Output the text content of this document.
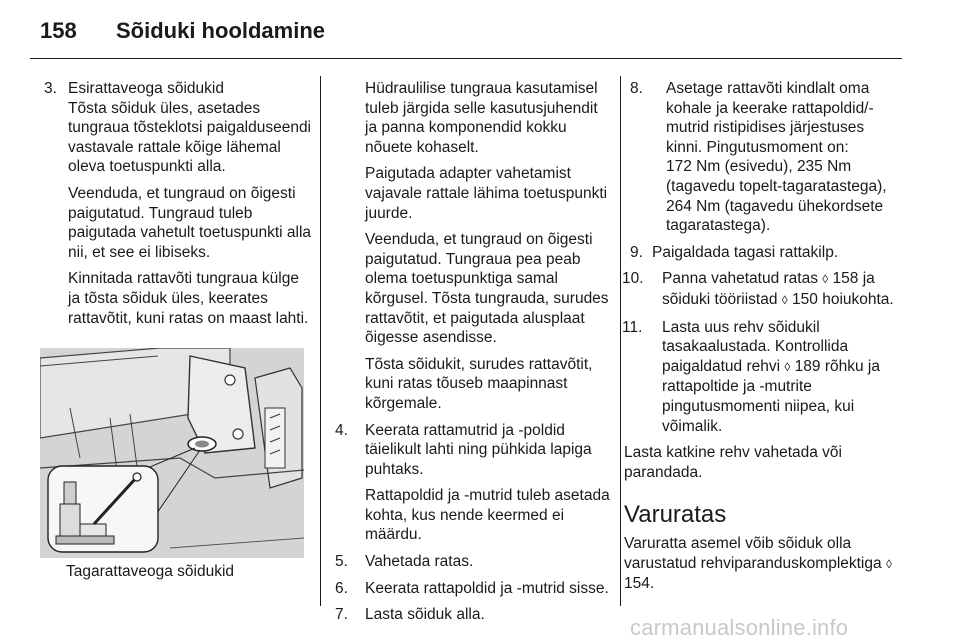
158 Sõiduki hooldamine
3. Esirattaveoga sõidukid

Tõsta sõiduk üles, asetades tungraua tõsteklotsi paigalduseendi vastavale rattale kõige lähemal oleva toetuspunkti alla.

Veenduda, et tungraud on õigesti paigutatud. Tungraud tuleb paigutada vahetult toetuspunkti alla nii, et see ei libiseks.

Kinnitada rattavõti tungraua külge ja tõsta sõiduk üles, keerates rattavõtit, kuni ratas on maast lahti.

Tagarattaveoga sõidukid

Hüdraulilise tungraua kasutamisel tuleb järgida selle kasutusjuhendit ja panna komponendid kokku nõuete kohaselt.

Paigutada adapter vahetamist vajavale rattale lähima toetuspunkti juurde.

Veenduda, et tungraud on õigesti paigutatud. Tungraua pea peab olema toetuspunktiga samal kõrgusel. Tõsta tungrauda, surudes rattavõtit, et paigutada alusplaat õigesse asendisse.

Tõsta sõidukit, surudes rattavõtit, kuni ratas tõuseb maapinnast kõrgemale.

4. Keerata rattamutrid ja -poldid täielikult lahti ning pühkida lapiga puhtaks.

Rattapoldid ja -mutrid tuleb asetada kohta, kus nende keermed ei määrdu.

5. Vahetada ratas.

6. Keerata rattapoldid ja -mutrid sisse.

7. Lasta sõiduk alla.

8. Asetage rattavõti kindlalt oma kohale ja keerake rattapoldid/-mutrid ristipidises järjestuses kinni. Pingutusmoment on:

172 Nm (esivedu), 235 Nm (tagavedu topelt-tagaratastega), 264 Nm (tagavedu ühekordsete tagaratastega).

9. Paigaldada tagasi rattakilp.

10. Panna vahetatud ratas ◊ 158 ja sõiduki tööriistad ◊ 150 hoiukohta.

11. Lasta uus rehv sõidukil tasakaalustada. Kontrollida paigaldatud rehvi ◊ 189 rõhku ja rattapoltide ja -mutrite pingutusmomenti niipea, kui võimalik.

Lasta katkine rehv vahetada või parandada.

Varuratas

Varuratta asemel võib sõiduk olla varustatud rehviparanduskomplektiga ◊ 154.

carmanualsonline.info
